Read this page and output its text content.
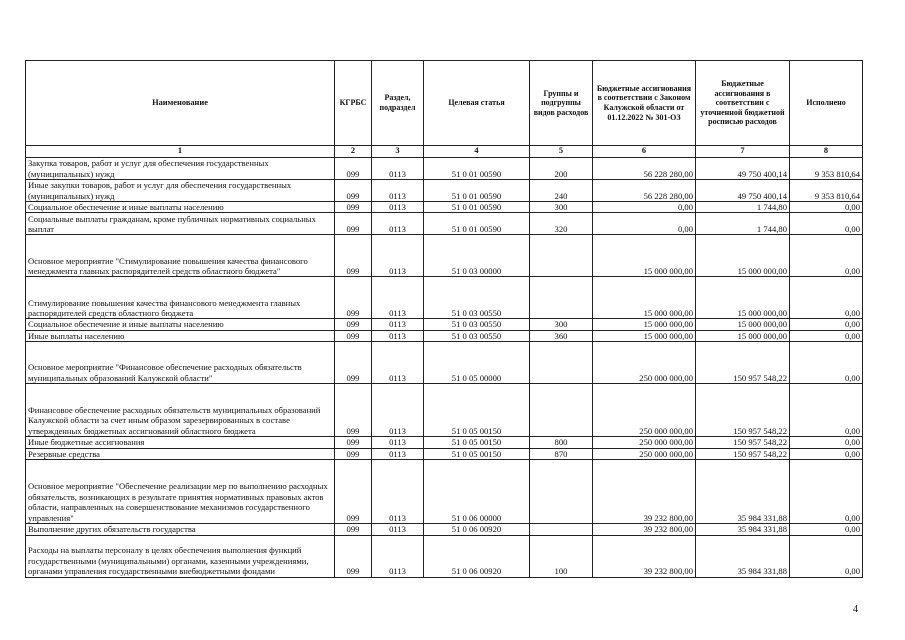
Наименование	КГРБС	Раздел, подраздел	Целевая статья	Группы и подгруппы видов расходов	Бюджетные ассигнования в соответствии с Законом Калужской области от 01.12.2022 № 301-ОЗ	Бюджетные ассигнования в соответствии с уточненной бюджетной росписью расходов	Исполнено
1	2	3	4	5	6	7	8
Закупка товаров, работ и услуг для обеспечения государственных (муниципальных) нужд	099	0113	51 0 01 00590	200	56 228 280,00	49 750 400,14	9 353 810,64
Иные закупки товаров, работ и услуг для обеспечения государственных (муниципальных) нужд	099	0113	51 0 01 00590	240	56 228 280,00	49 750 400,14	9 353 810,64
Социальное обеспечение и иные выплаты населению	099	0113	51 0 01 00590	300	0,00	1 744,80	0,00
Социальные выплаты гражданам, кроме публичных нормативных социальных выплат	099	0113	51 0 01 00590	320	0,00	1 744,80	0,00
Основное мероприятие "Стимулирование повышения качества финансового менеджмента главных распорядителей средств областного бюджета"	099	0113	51 0 03 00000		15 000 000,00	15 000 000,00	0,00
Стимулирование повышения качества финансового менеджмента главных распорядителей средств областного бюджета	099	0113	51 0 03 00550		15 000 000,00	15 000 000,00	0,00
Социальное обеспечение и иные выплаты населению	099	0113	51 0 03 00550	300	15 000 000,00	15 000 000,00	0,00
Иные выплаты населению	099	0113	51 0 03 00550	360	15 000 000,00	15 000 000,00	0,00
Основное мероприятие "Финансовое обеспечение расходных обязательств муниципальных образований Калужской области"	099	0113	51 0 05 00000		250 000 000,00	150 957 548,22	0,00
Финансовое обеспечение расходных обязательств муниципальных образований Калужской области за счет иным образом зарезервированных в составе утвержденных бюджетных ассигнований областного бюджета	099	0113	51 0 05 00150		250 000 000,00	150 957 548,22	0,00
Иные бюджетные ассигнования	099	0113	51 0 05 00150	800	250 000 000,00	150 957 548,22	0,00
Резервные средства	099	0113	51 0 05 00150	870	250 000 000,00	150 957 548,22	0,00
Основное мероприятие "Обеспечение реализации мер по выполнению расходных обязательств, возникающих в результате принятия нормативных правовых актов области, направленных на совершенствование механизмов государственного управления"	099	0113	51 0 06 00000		39 232 800,00	35 984 331,88	0,00
Выполнение других обязательств государства	099	0113	51 0 06 00920		39 232 800,00	35 984 331,88	0,00
Расходы на выплаты персоналу в целях обеспечения выполнения функций государственными (муниципальными) органами, казенными учреждениями, органами управления государственными внебюджетными фондами	099	0113	51 0 06 00920	100	39 232 800,00	35 984 331,88	0,00
4
